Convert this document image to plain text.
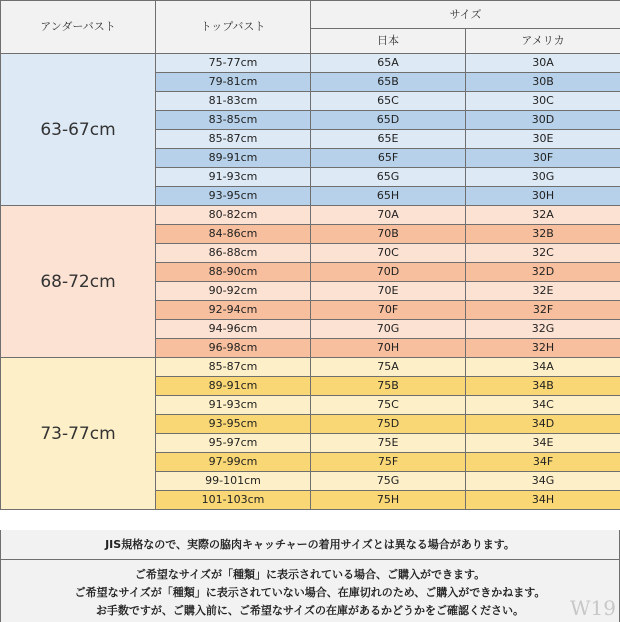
アンダーバスト	トップバスト	サイズ	
		日本	アメリカ
63-67cm	75-77cm	65A	30A
	79-81cm	65B	30B
	81-83cm	65C	30C
	83-85cm	65D	30D
	85-87cm	65E	30E
	89-91cm	65F	30F
	91-93cm	65G	30G
	93-95cm	65H	30H
68-72cm	80-82cm	70A	32A
	84-86cm	70B	32B
	86-88cm	70C	32C
	88-90cm	70D	32D
	90-92cm	70E	32E
	92-94cm	70F	32F
	94-96cm	70G	32G
	96-98cm	70H	32H
73-77cm	85-87cm	75A	34A
	89-91cm	75B	34B
	91-93cm	75C	34C
	93-95cm	75D	34D
	95-97cm	75E	34E
	97-99cm	75F	34F
	99-101cm	75G	34G
	101-103cm	75H	34H
JIS規格なので、実際の脇肉キャッチャーの着用サイズとは異なる場合があります。
ご希望なサイズが「種類」に表示されている場合、ご購入ができます。
ご希望なサイズが「種類」に表示されていない場合、在庫切れのため、ご購入ができかねます。
お手数ですが、ご購入前に、ご希望なサイズの在庫があるかどうかをご確認ください。	W19
